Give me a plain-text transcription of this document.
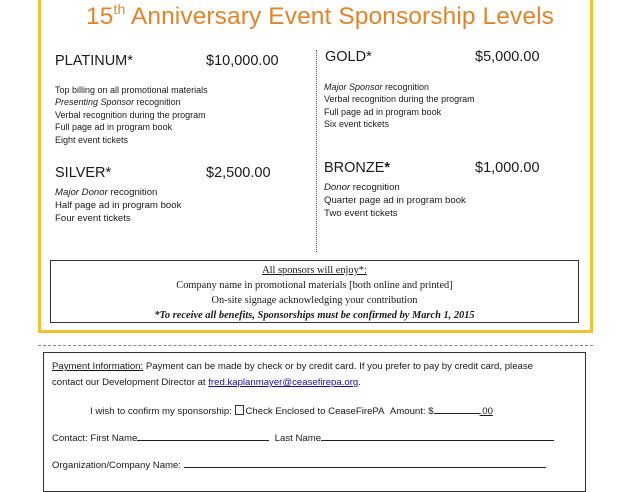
15th Anniversary Event Sponsorship Levels
PLATINUM*	$10,000.00
Top billing on all promotional materials
Presenting Sponsor recognition
Verbal recognition during the program
Full page ad in program book
Eight event tickets
GOLD*	$5,000.00
Major Sponsor recognition
Verbal recognition during the program
Full page ad in program book
Six event tickets
SILVER*	$2,500.00
Major Donor recognition
Half page ad in program book
Four event tickets
BRONZE*	$1,000.00
Donor recognition
Quarter page ad in program book
Two event tickets
All sponsors will enjoy*:
Company name in promotional materials [both online and printed]
On-site signage acknowledging your contribution
*To receive all benefits, Sponsorships must be confirmed by March 1, 2015
Payment Information: Payment can be made by check or by credit card. If you prefer to pay by credit card, please
contact our Development Director at fred.kaplanmayer@ceasefirepa.org.
I wish to confirm my sponsorship: Check Enclosed to CeaseFirePA Amount: $	.00
Contact: First Name	Last Name
Organization/Company Name:
